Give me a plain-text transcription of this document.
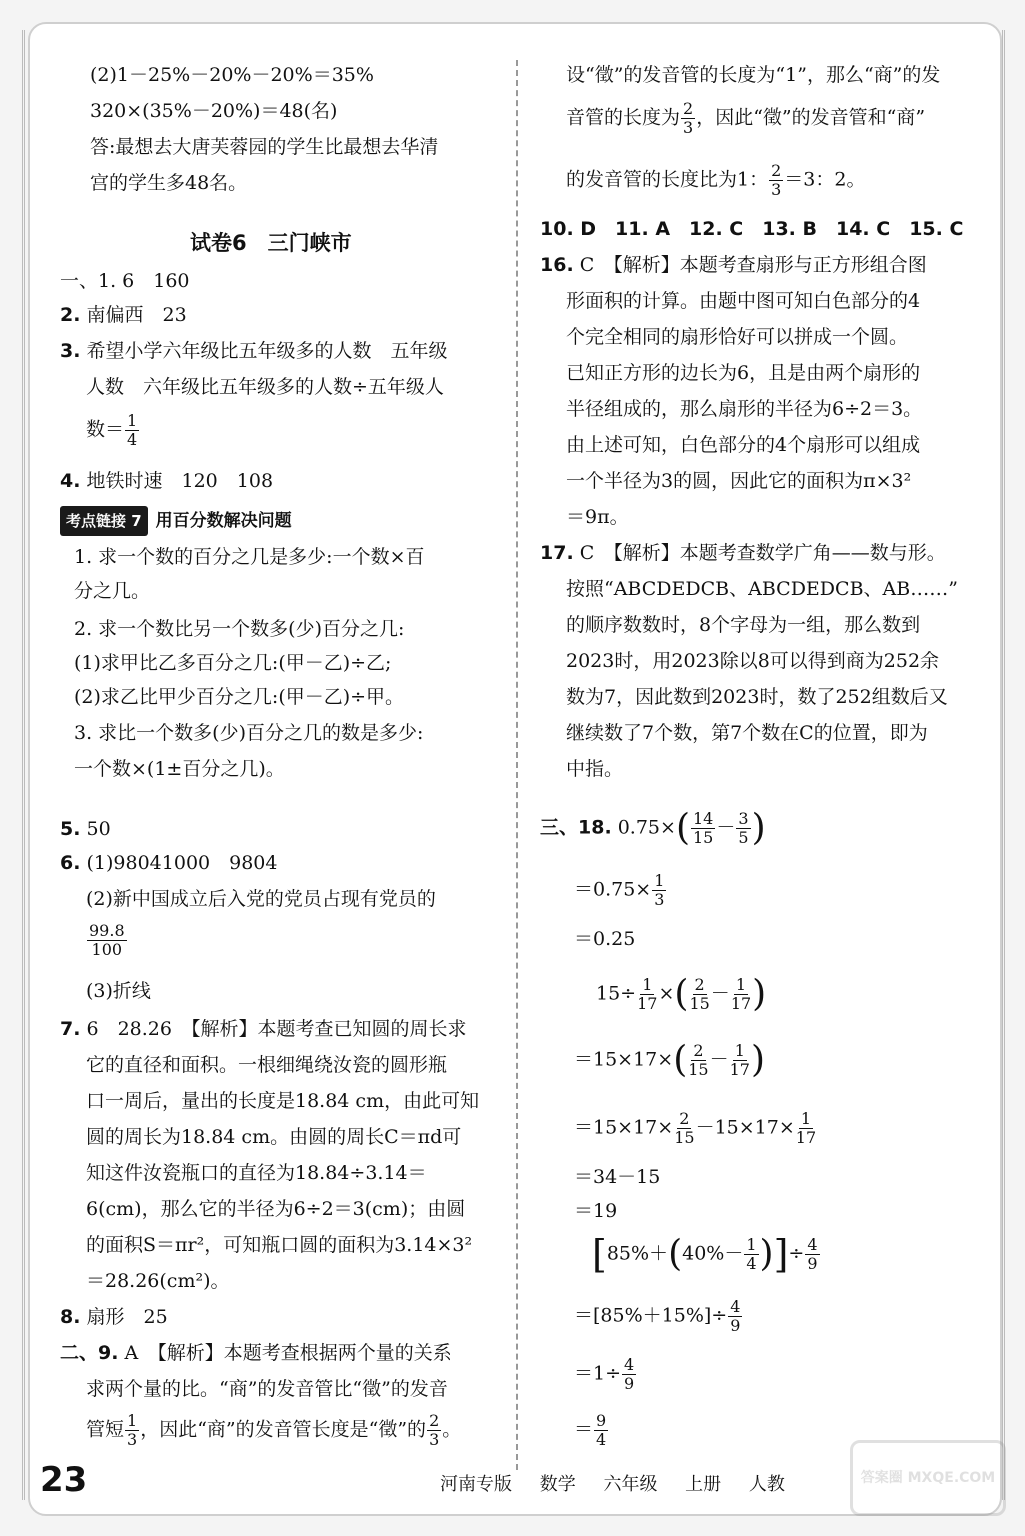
(2)1－25%－20%－20%＝35%
320×(35%－20%)＝48(名)
答:最想去大唐芙蓉园的学生比最想去华清
宫的学生多48名。
试卷6　三门峡市
一、1. 6　160
2. 南偏西　23
3. 希望小学六年级比五年级多的人数　五年级
人数　六年级比五年级多的人数÷五年级人
数＝ $\frac{1}{4}$
4. 地铁时速　120　108
考点链接 7 用百分数解决问题
1. 求一个数的百分之几是多少:一个数×百
分之几。
2. 求一个数比另一个数多(少)百分之几:
(1)求甲比乙多百分之几:(甲－乙)÷乙;
(2)求乙比甲少百分之几:(甲－乙)÷甲。
3. 求比一个数多(少)百分之几的数是多少:
一个数×(1±百分之几)。
5. 50
6. (1)98041000　9804
(2)新中国成立后入党的党员占现有党员的
$\frac{99.8}{100}$
(3)折线
7. 6　28.26　【解析】本题考查已知圆的周长求
它的直径和面积。一根细绳绕汝瓷的圆形瓶
口一周后，量出的长度是18.84 cm，由此可知
圆的周长为18.84 cm。由圆的周长C＝πd可
知这件汝瓷瓶口的直径为18.84÷3.14＝
6(cm)，那么它的半径为6÷2＝3(cm)；由圆
的面积S＝πr²，可知瓶口圆的面积为3.14×3²
＝28.26(cm²)。
8. 扇形　25
二、9. A　【解析】本题考查根据两个量的关系
求两个量的比。“商”的发音管比“徵”的发音
管短 $\frac{1}{3}$ ，因此“商”的发音管长度是“徵”的 $\frac{2}{3}$ 。
设“徵”的发音管的长度为“1”，那么“商”的发
音管的长度为 $\frac{2}{3}$ ，因此“徵”的发音管和“商”
的发音管的长度比为1： $\frac{2}{3} =3$：2。
10. D　11. A　12. C　13. B　14. C　15. C
16. C　【解析】本题考查扇形与正方形组合图
形面积的计算。由题中图可知白色部分的4
个完全相同的扇形恰好可以拼成一个圆。
已知正方形的边长为6，且是由两个扇形的
半径组成的，那么扇形的半径为6÷2＝3。
由上述可知，白色部分的4个扇形可以组成
一个半径为3的圆，因此它的面积为π×3²
＝9π。
17. C　【解析】本题考查数学广角——数与形。
按照“ABCDEDCB、ABCDEDCB、AB……”
的顺序数数时，8个字母为一组，那么数到
2023时，用2023除以8可以得到商为252余
数为7，因此数到2023时，数了252组数后又
继续数了7个数，第7个数在C的位置，即为
中指。
三、18. $0.75\times( \frac{14}{15} - \frac{3}{5}$ )
$=0.75\times \frac{1}{3}$
＝0.25
$15\div \frac{1}{17}$ ×( $\frac{2}{15} - \frac{1}{17}$ )
$=15\times 17\times( \frac{2}{15} - \frac{1}{17}$ )
$=15\times 17\times \frac{2}{15} -15\times 17\times \frac{1}{17}$
＝34－15
＝19
[$85\%+(40\%- \frac{1}{4}$ )]÷ $\frac{4}{9}$
$=[85\%+15\%]\div \frac{4}{9}$
$=1\div \frac{4}{9}$
＝ $\frac{9}{4}$
23	河南专版 数学 六年级 上册 人教	答案圈 MXQE.COM
